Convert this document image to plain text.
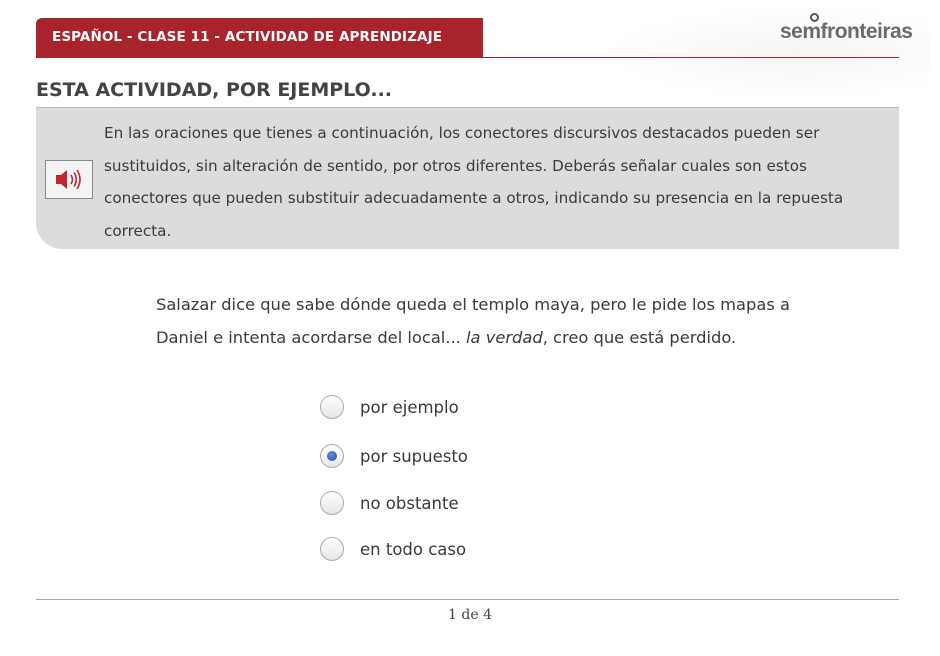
ESPAÑOL - CLASE 11 - ACTIVIDAD DE APRENDIZAJE	semfronteiras
ESTA ACTIVIDAD, POR EJEMPLO...
En las oraciones que tienes a continuación, los conectores discursivos destacados pueden ser sustituidos, sin alteración de sentido, por otros diferentes. Deberás señalar cuales son estos conectores que pueden substituir adecuadamente a otros, indicando su presencia en la repuesta correcta.
Salazar dice que sabe dónde queda el templo maya, pero le pide los mapas a Daniel e intenta acordarse del local... la verdad, creo que está perdido.
por ejemplo
por supuesto
no obstante
en todo caso
1 de 4
